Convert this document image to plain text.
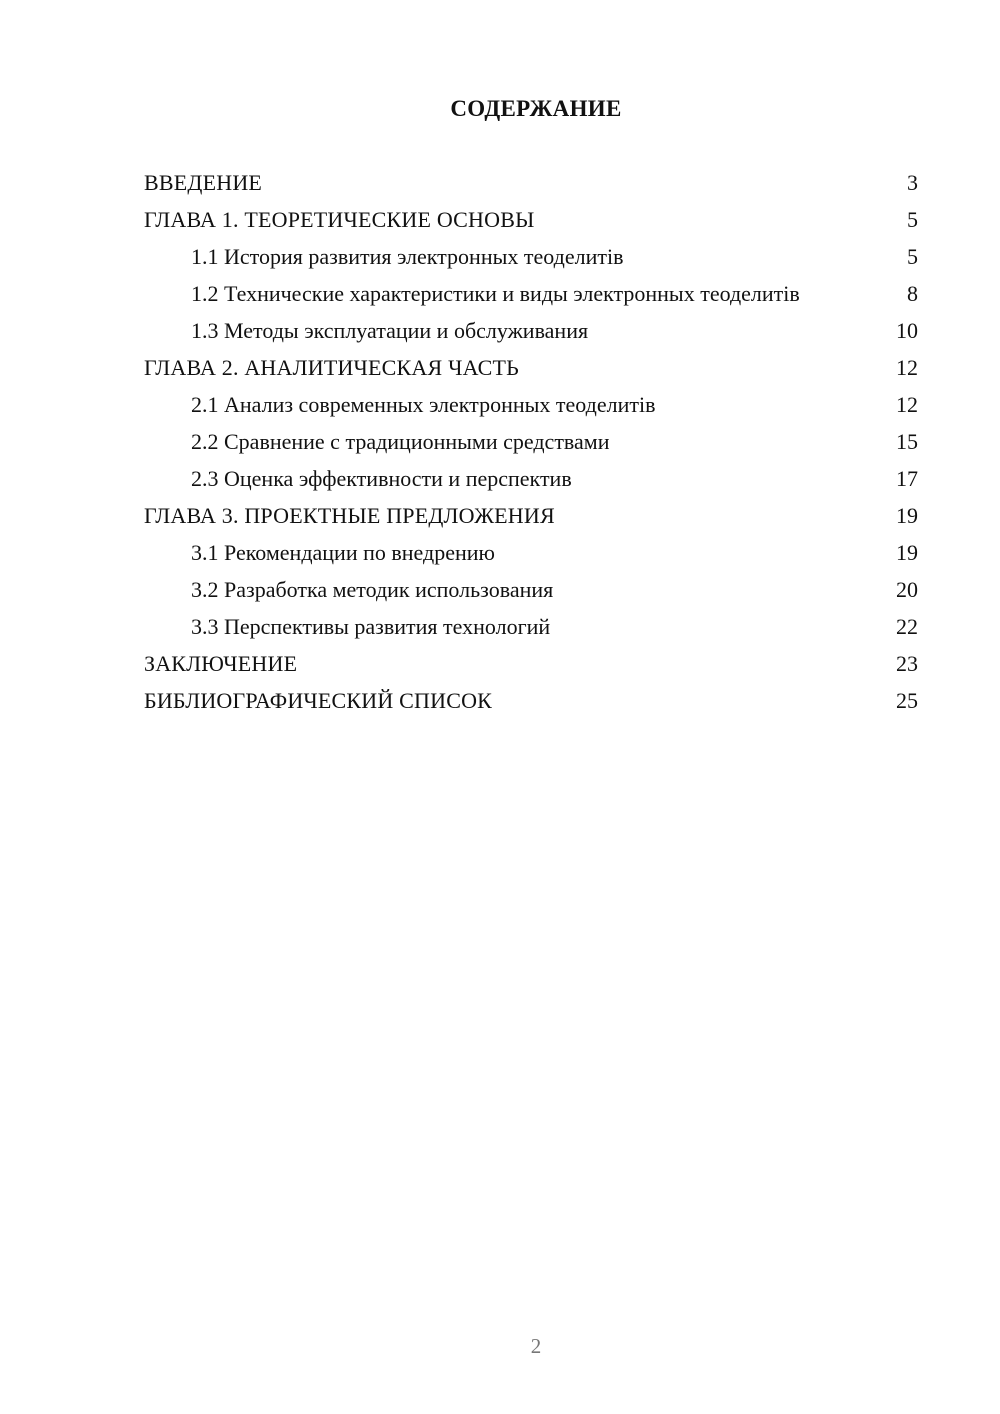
СОДЕРЖАНИЕ
ВВЕДЕНИЕ	3
ГЛАВА 1. ТЕОРЕТИЧЕСКИЕ ОСНОВЫ	5
1.1 История развития электронных теоделитів	5
1.2 Технические характеристики и виды электронных теоделитів	8
1.3 Методы эксплуатации и обслуживания	10
ГЛАВА 2. АНАЛИТИЧЕСКАЯ ЧАСТЬ	12
2.1 Анализ современных электронных теоделитів	12
2.2 Сравнение с традиционными средствами	15
2.3 Оценка эффективности и перспектив	17
ГЛАВА 3. ПРОЕКТНЫЕ ПРЕДЛОЖЕНИЯ	19
3.1 Рекомендации по внедрению	19
3.2 Разработка методик использования	20
3.3 Перспективы развития технологий	22
ЗАКЛЮЧЕНИЕ	23
БИБЛИОГРАФИЧЕСКИЙ СПИСОК	25
2
